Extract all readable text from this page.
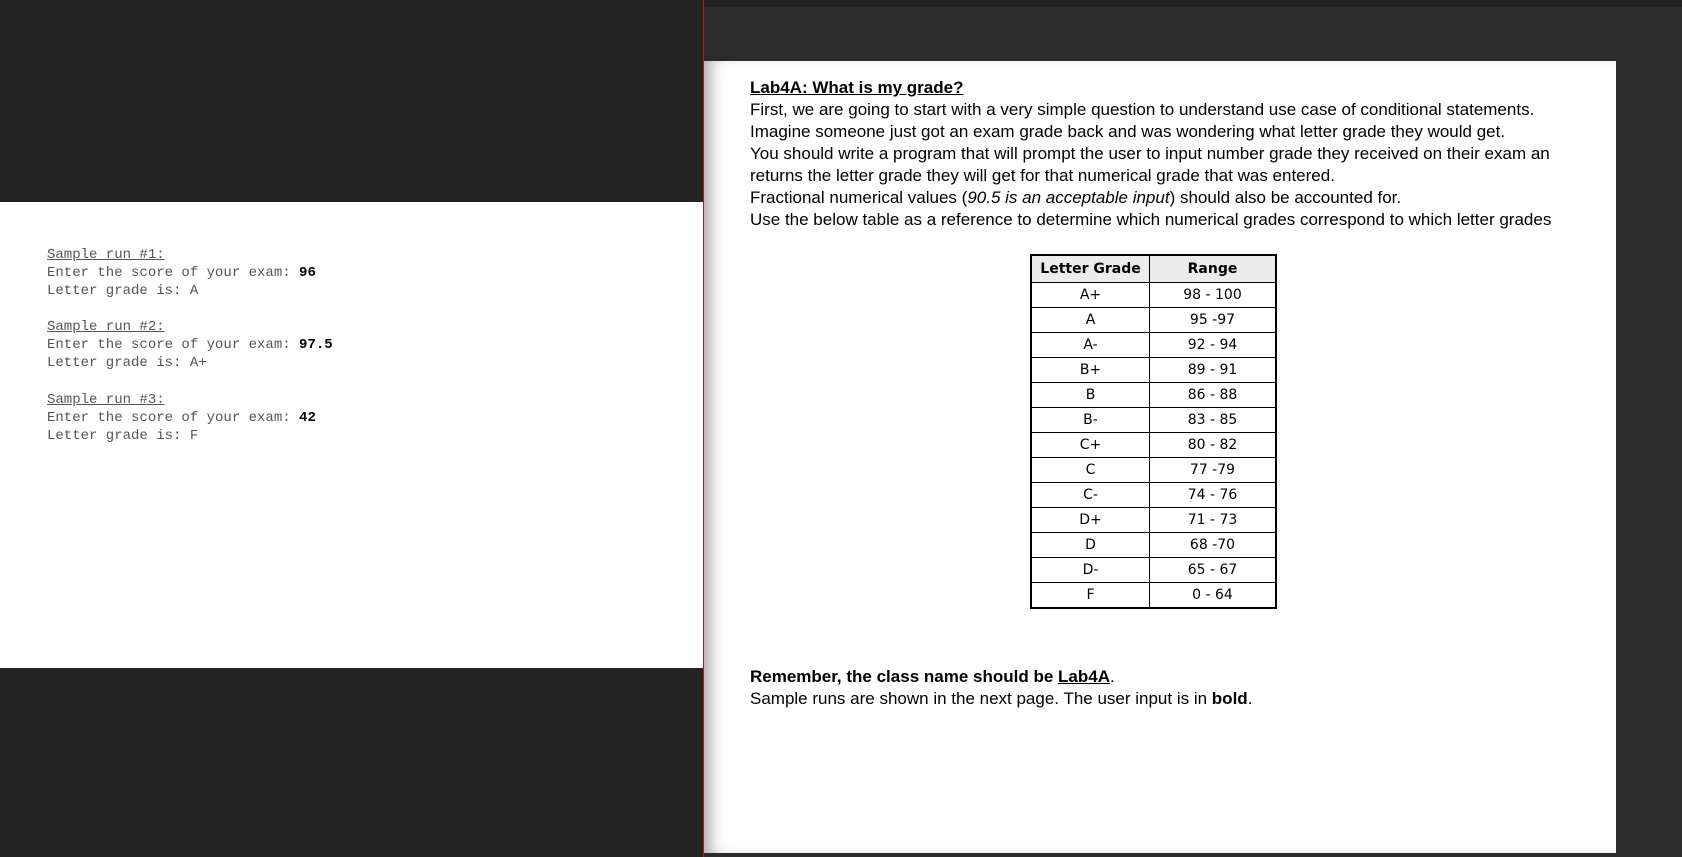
Sample run #1:
Enter the score of your exam: 96
Letter grade is: A
Sample run #2:
Enter the score of your exam: 97.5
Letter grade is: A+
Sample run #3:
Enter the score of your exam: 42
Letter grade is: F
Lab4A: What is my grade?
First, we are going to start with a very simple question to understand use case of conditional statements.
Imagine someone just got an exam grade back and was wondering what letter grade they would get.
You should write a program that will prompt the user to input number grade they received on their exam an
returns the letter grade they will get for that numerical grade that was entered.
Fractional numerical values (90.5 is an acceptable input) should also be accounted for.
Use the below table as a reference to determine which numerical grades correspond to which letter grades
Letter Grade	Range
A+	98 - 100
A	95 -97
A-	92 - 94
B+	89 - 91
B	86 - 88
B-	83 - 85
C+	80 - 82
C	77 -79
C-	74 - 76
D+	71 - 73
D	68 -70
D-	65 - 67
F	0 - 64
Remember, the class name should be Lab4A.
Sample runs are shown in the next page. The user input is in bold.
